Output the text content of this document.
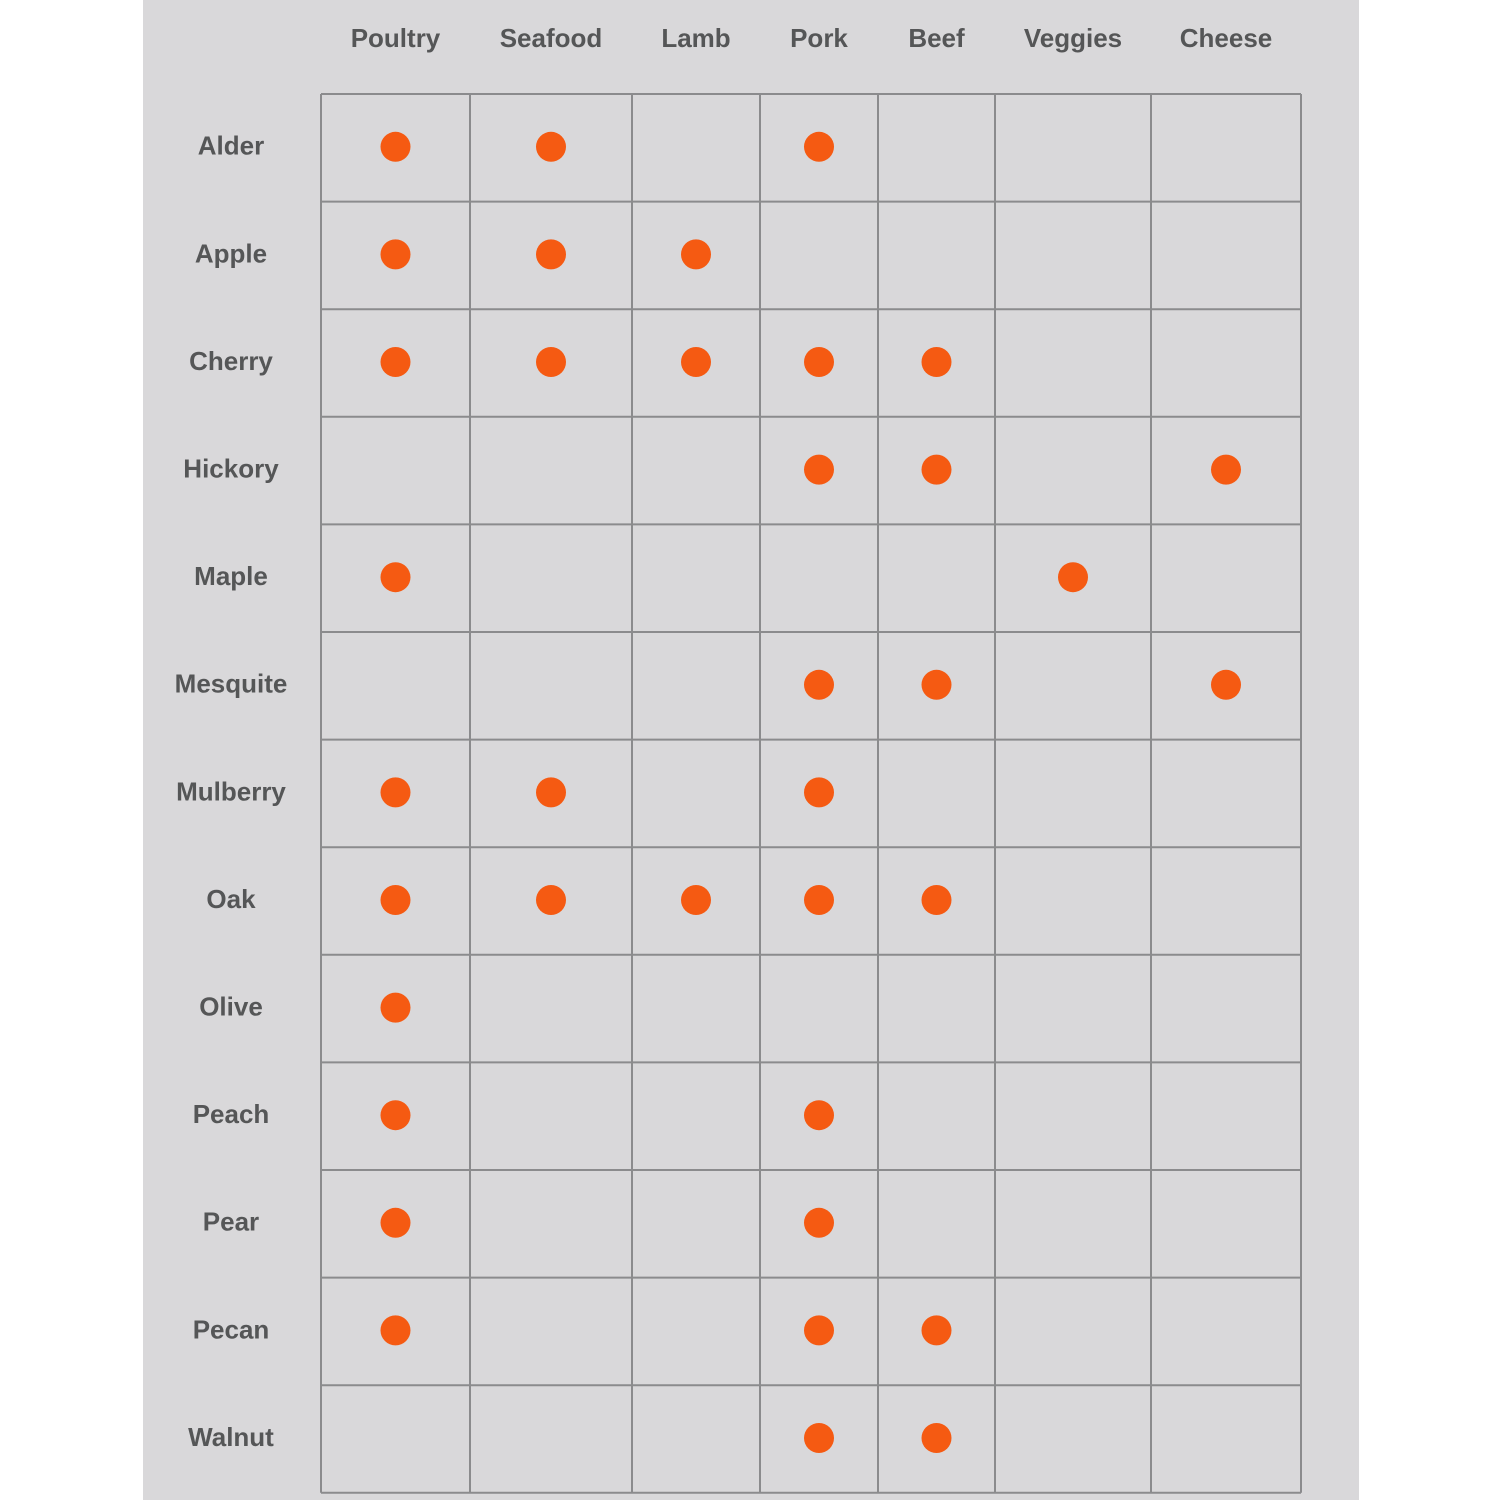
Poultry Seafood Lamb Pork Beef Veggies Cheese
Alder
Apple
Cherry
Hickory
Maple
Mesquite
Mulberry
Oak
Olive
Peach
Pear
Pecan
Walnut
